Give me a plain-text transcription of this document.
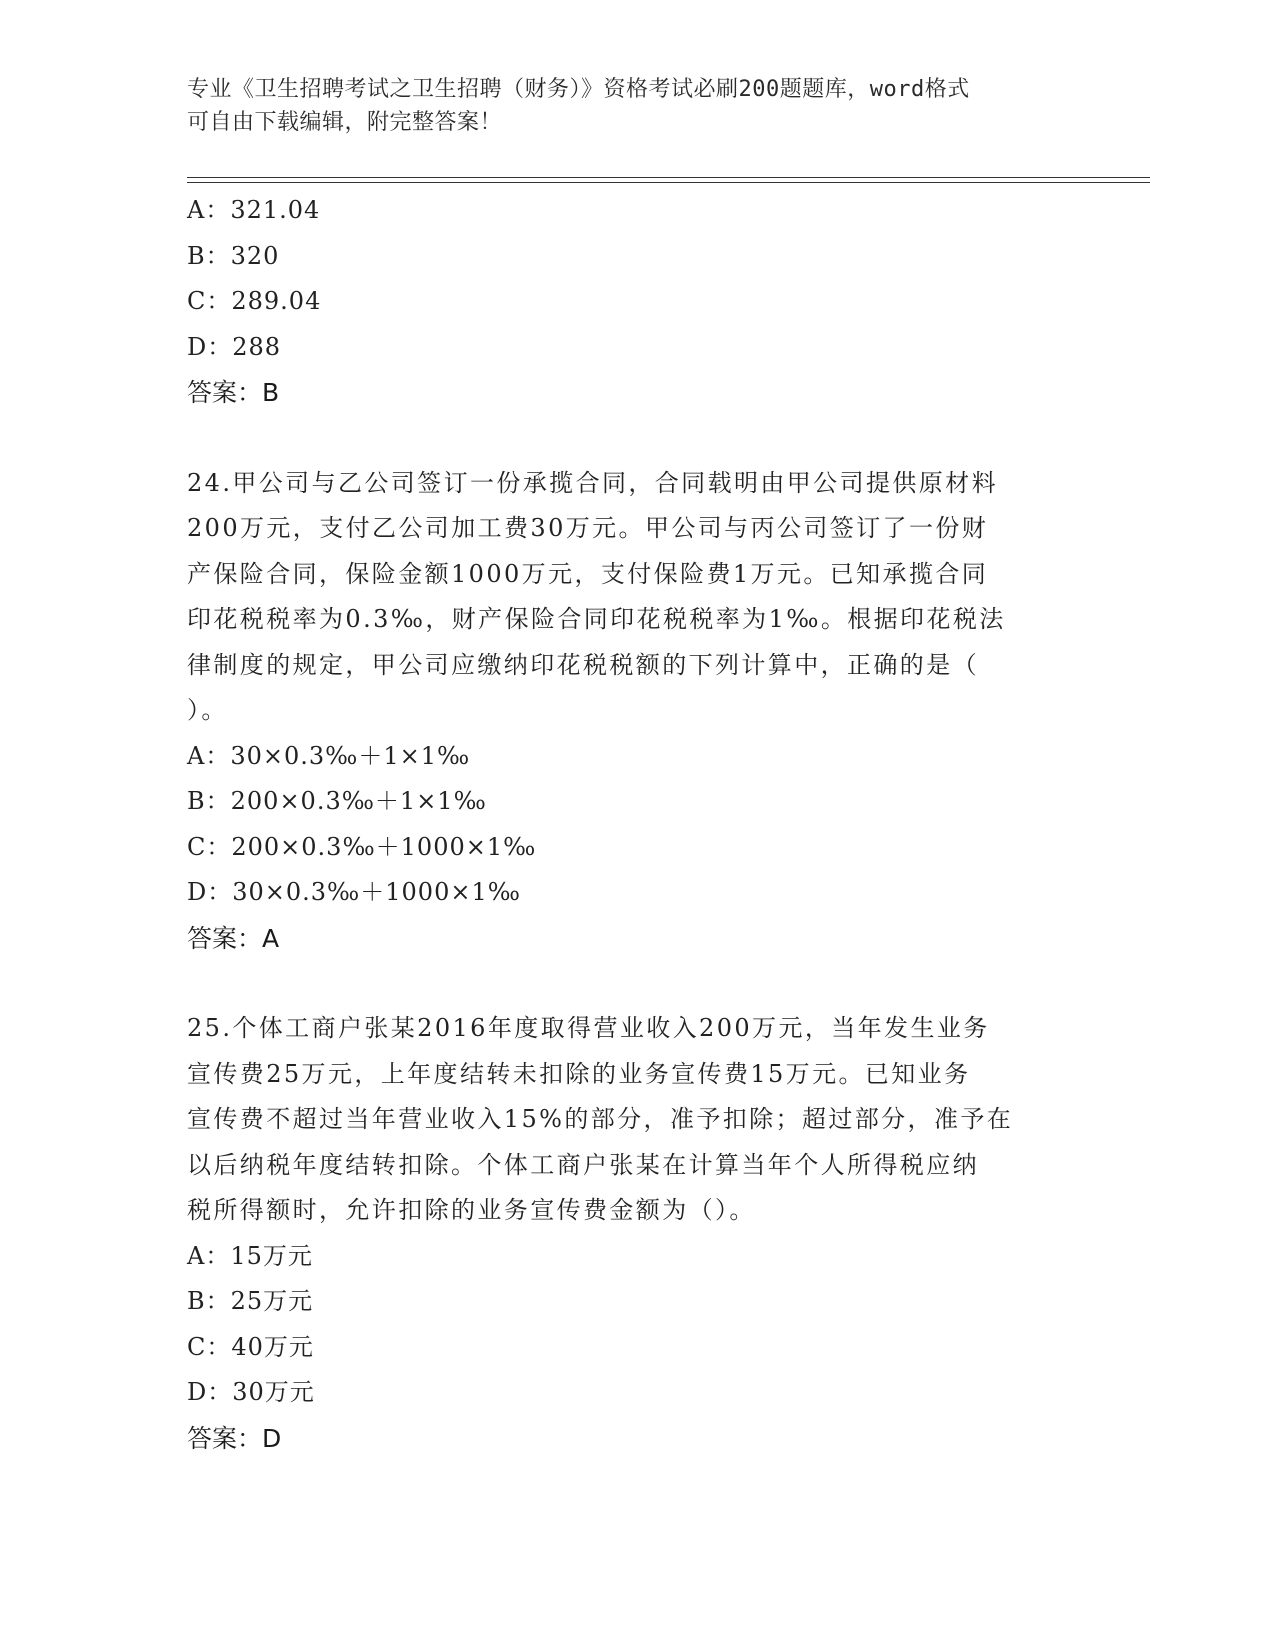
专业《卫生招聘考试之卫生招聘（财务）》资格考试必刷200题题库，word格式
可自由下载编辑，附完整答案！
A：321.04
B：320
C：289.04
D：288
答案：B
24.甲公司与乙公司签订一份承揽合同，合同载明由甲公司提供原材料
200万元，支付乙公司加工费30万元。甲公司与丙公司签订了一份财
产保险合同，保险金额1000万元，支付保险费1万元。已知承揽合同
印花税税率为0.3‰，财产保险合同印花税税率为1‰。根据印花税法
律制度的规定，甲公司应缴纳印花税税额的下列计算中，正确的是（
）。
A：30×0.3‰＋1×1‰
B：200×0.3‰＋1×1‰
C：200×0.3‰＋1000×1‰
D：30×0.3‰＋1000×1‰
答案：A
25.个体工商户张某2016年度取得营业收入200万元，当年发生业务
宣传费25万元，上年度结转未扣除的业务宣传费15万元。已知业务
宣传费不超过当年营业收入15%的部分，准予扣除；超过部分，准予在
以后纳税年度结转扣除。个体工商户张某在计算当年个人所得税应纳
税所得额时，允许扣除的业务宣传费金额为（）。
A：15万元
B：25万元
C：40万元
D：30万元
答案：D
